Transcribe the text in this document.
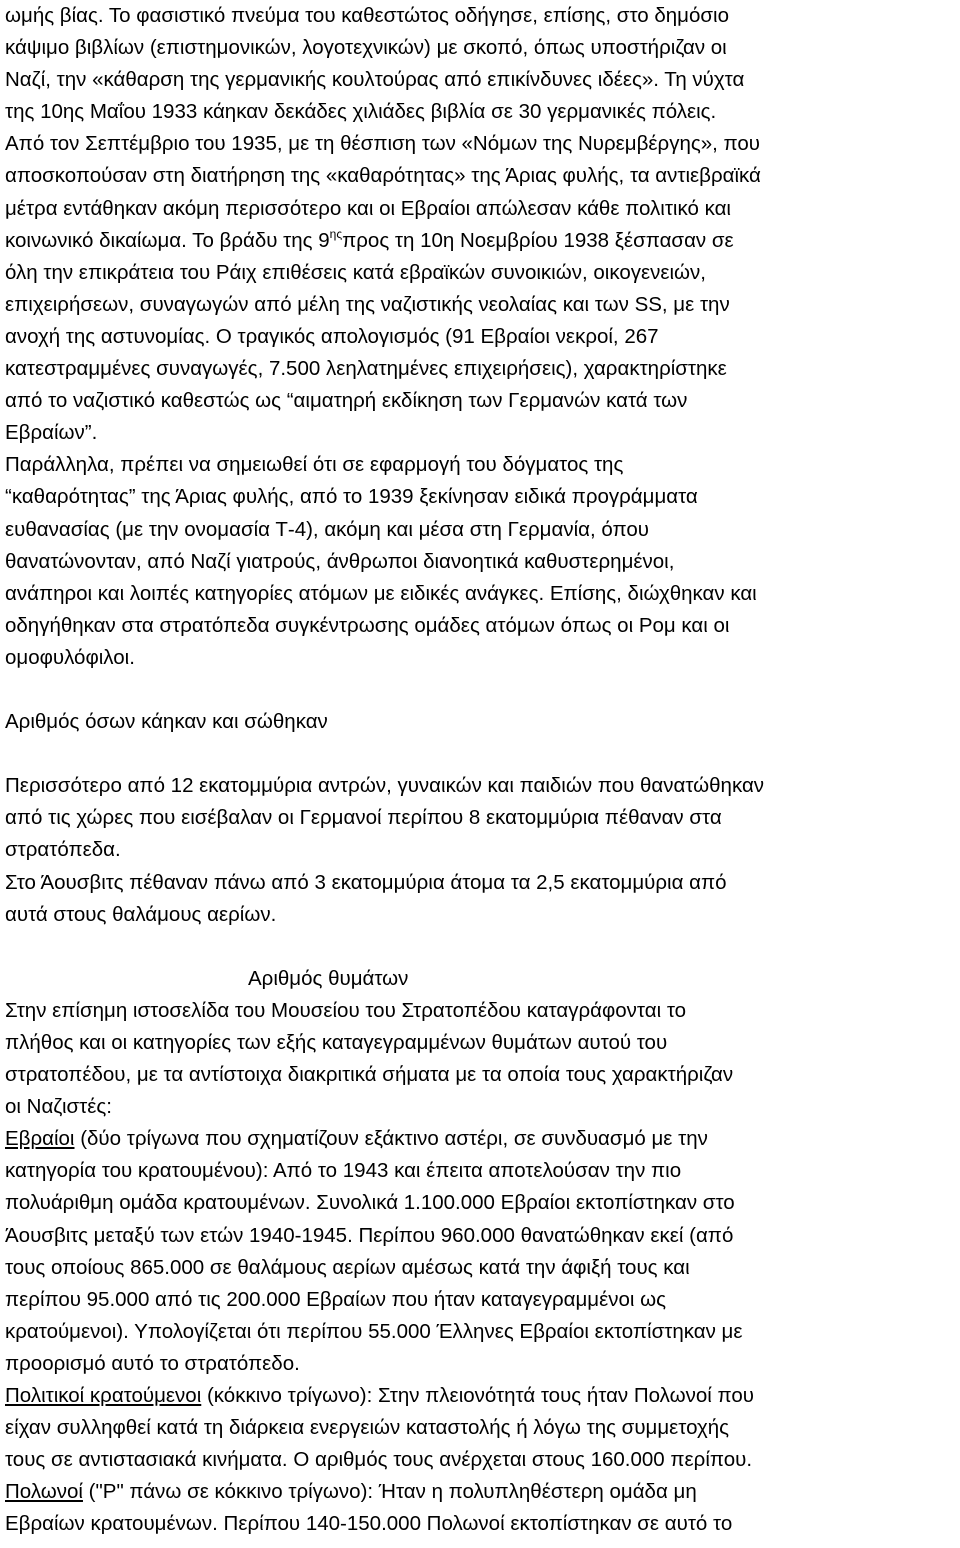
ωμής βίας. Το φασιστικό πνεύμα του καθεστώτος οδήγησε, επίσης, στο δημόσιο
κάψιμο βιβλίων (επιστημονικών, λογοτεχνικών) με σκοπό, όπως υποστήριζαν οι
Ναζί, την «κάθαρση της γερμανικής κουλτούρας από επικίνδυνες ιδέες». Τη νύχτα
της 10ης Μαΐου 1933 κάηκαν δεκάδες χιλιάδες βιβλία σε 30 γερμανικές πόλεις.
Από τον Σεπτέμβριο του 1935, με τη θέσπιση των «Νόμων της Νυρεμβέργης», που
αποσκοπούσαν στη διατήρηση της «καθαρότητας» της Άριας φυλής, τα αντιεβραϊκά
μέτρα εντάθηκαν ακόμη περισσότερο και οι Εβραίοι απώλεσαν κάθε πολιτικό και
κοινωνικό δικαίωμα. Το βράδυ της $9^{\eta\varsigma}\pi\rho o\varsigma$ τη 10η Νοεμβρίου 1938 ξέσπασαν σε
όλη την επικράτεια του Ράιχ επιθέσεις κατά εβραϊκών συνοικιών, οικογενειών,
επιχειρήσεων, συναγωγών από μέλη της ναζιστικής νεολαίας και των SS, με την
ανοχή της αστυνομίας. Ο τραγικός απολογισμός (91 Εβραίοι νεκροί, 267
κατεστραμμένες συναγωγές, 7.500 λεηλατημένες επιχειρήσεις), χαρακτηρίστηκε
από το ναζιστικό καθεστώς ως “αιματηρή εκδίκηση των Γερμανών κατά των
Εβραίων”.
Παράλληλα, πρέπει να σημειωθεί ότι σε εφαρμογή του δόγματος της
“καθαρότητας” της Άριας φυλής, από το 1939 ξεκίνησαν ειδικά προγράμματα
ευθανασίας (με την ονομασία Τ-4), ακόμη και μέσα στη Γερμανία, όπου
θανατώνονταν, από Ναζί γιατρούς, άνθρωποι διανοητικά καθυστερημένοι,
ανάπηροι και λοιπές κατηγορίες ατόμων με ειδικές ανάγκες. Επίσης, διώχθηκαν και
οδηγήθηκαν στα στρατόπεδα συγκέντρωσης ομάδες ατόμων όπως οι Ρομ και οι
ομοφυλόφιλοι.
Αριθμός όσων κάηκαν και σώθηκαν
Περισσότερο από 12 εκατομμύρια αντρών, γυναικών και παιδιών που θανατώθηκαν
από τις χώρες που εισέβαλαν οι Γερμανοί περίπου 8 εκατομμύρια πέθαναν στα
στρατόπεδα.
Στο Άουσβιτς πέθαναν πάνω από 3 εκατομμύρια άτομα τα 2,5 εκατομμύρια από
αυτά στους θαλάμους αερίων.
Αριθμός θυμάτων
Στην επίσημη ιστοσελίδα του Μουσείου του Στρατοπέδου καταγράφονται το
πλήθος και οι κατηγορίες των εξής καταγεγραμμένων θυμάτων αυτού του
στρατοπέδου, με τα αντίστοιχα διακριτικά σήματα με τα οποία τους χαρακτήριζαν
οι Ναζιστές:
Εβραίοι (δύο τρίγωνα που σχηματίζουν εξάκτινο αστέρι, σε συνδυασμό με την
κατηγορία του κρατουμένου): Από το 1943 και έπειτα αποτελούσαν την πιο
πολυάριθμη ομάδα κρατουμένων. Συνολικά 1.100.000 Εβραίοι εκτοπίστηκαν στο
Άουσβιτς μεταξύ των ετών 1940-1945. Περίπου 960.000 θανατώθηκαν εκεί (από
τους οποίους 865.000 σε θαλάμους αερίων αμέσως κατά την άφιξή τους και
περίπου 95.000 από τις 200.000 Εβραίων που ήταν καταγεγραμμένοι ως
κρατούμενοι). Υπολογίζεται ότι περίπου 55.000 Έλληνες Εβραίοι εκτοπίστηκαν με
προορισμό αυτό το στρατόπεδο.
Πολιτικοί κρατούμενοι (κόκκινο τρίγωνο): Στην πλειονότητά τους ήταν Πολωνοί που
είχαν συλληφθεί κατά τη διάρκεια ενεργειών καταστολής ή λόγω της συμμετοχής
τους σε αντιστασιακά κινήματα. Ο αριθμός τους ανέρχεται στους 160.000 περίπου.
Πολωνοί ("P" πάνω σε κόκκινο τρίγωνο): Ήταν η πολυπληθέστερη ομάδα μη
Εβραίων κρατουμένων. Περίπου 140-150.000 Πολωνοί εκτοπίστηκαν σε αυτό το
